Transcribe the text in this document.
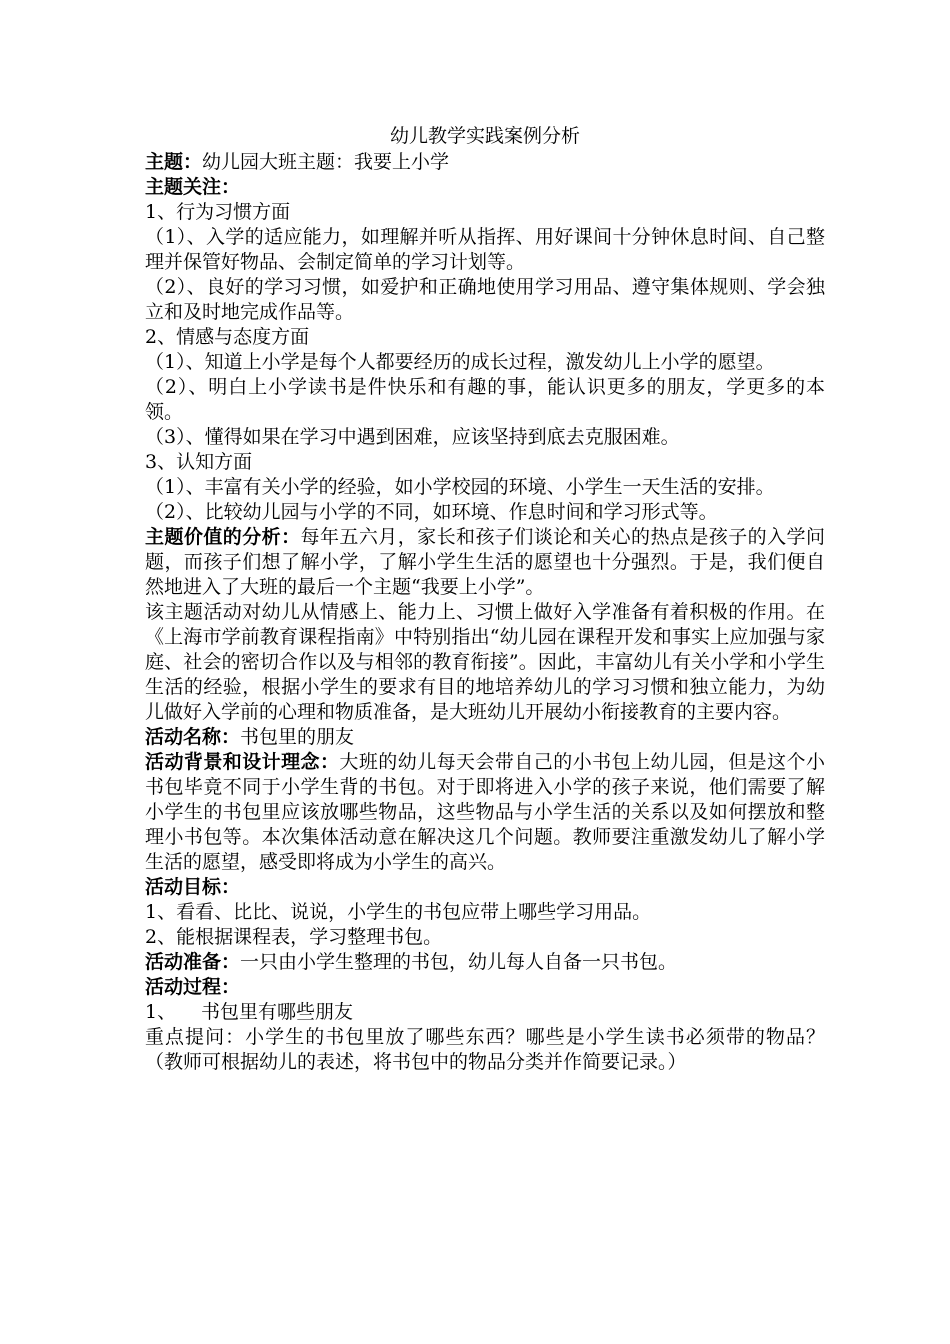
幼儿教学实践案例分析

主题：幼儿园大班主题：我要上小学

主题关注：

1、行为习惯方面

（1）、入学的适应能力，如理解并听从指挥、用好课间十分钟休息时间、自己整理并保管好物品、会制定简单的学习计划等。

（2）、良好的学习习惯，如爱护和正确地使用学习用品、遵守集体规则、学会独立和及时地完成作品等。

2、情感与态度方面

（1）、知道上小学是每个人都要经历的成长过程，激发幼儿上小学的愿望。

（2）、明白上小学读书是件快乐和有趣的事，能认识更多的朋友，学更多的本领。

（3）、懂得如果在学习中遇到困难，应该坚持到底去克服困难。

3、认知方面

（1）、丰富有关小学的经验，如小学校园的环境、小学生一天生活的安排。

（2）、比较幼儿园与小学的不同，如环境、作息时间和学习形式等。

主题价值的分析：每年五六月，家长和孩子们谈论和关心的热点是孩子的入学问题，而孩子们想了解小学，了解小学生生活的愿望也十分强烈。于是，我们便自然地进入了大班的最后一个主题“我要上小学”。

该主题活动对幼儿从情感上、能力上、习惯上做好入学准备有着积极的作用。在《上海市学前教育课程指南》中特别指出“幼儿园在课程开发和事实上应加强与家庭、社会的密切合作以及与相邻的教育衔接”。因此，丰富幼儿有关小学和小学生生活的经验，根据小学生的要求有目的地培养幼儿的学习习惯和独立能力，为幼儿做好入学前的心理和物质准备，是大班幼儿开展幼小衔接教育的主要内容。

活动名称：书包里的朋友

活动背景和设计理念：大班的幼儿每天会带自己的小书包上幼儿园，但是这个小书包毕竟不同于小学生背的书包。对于即将进入小学的孩子来说，他们需要了解小学生的书包里应该放哪些物品，这些物品与小学生活的关系以及如何摆放和整理小书包等。本次集体活动意在解决这几个问题。教师要注重激发幼儿了解小学生活的愿望，感受即将成为小学生的高兴。

活动目标：

1、看看、比比、说说，小学生的书包应带上哪些学习用品。

2、能根据课程表，学习整理书包。

活动准备：一只由小学生整理的书包，幼儿每人自备一只书包。

活动过程：

1、 书包里有哪些朋友

重点提问：小学生的书包里放了哪些东西？哪些是小学生读书必须带的物品？（教师可根据幼儿的表述，将书包中的物品分类并作简要记录。）
